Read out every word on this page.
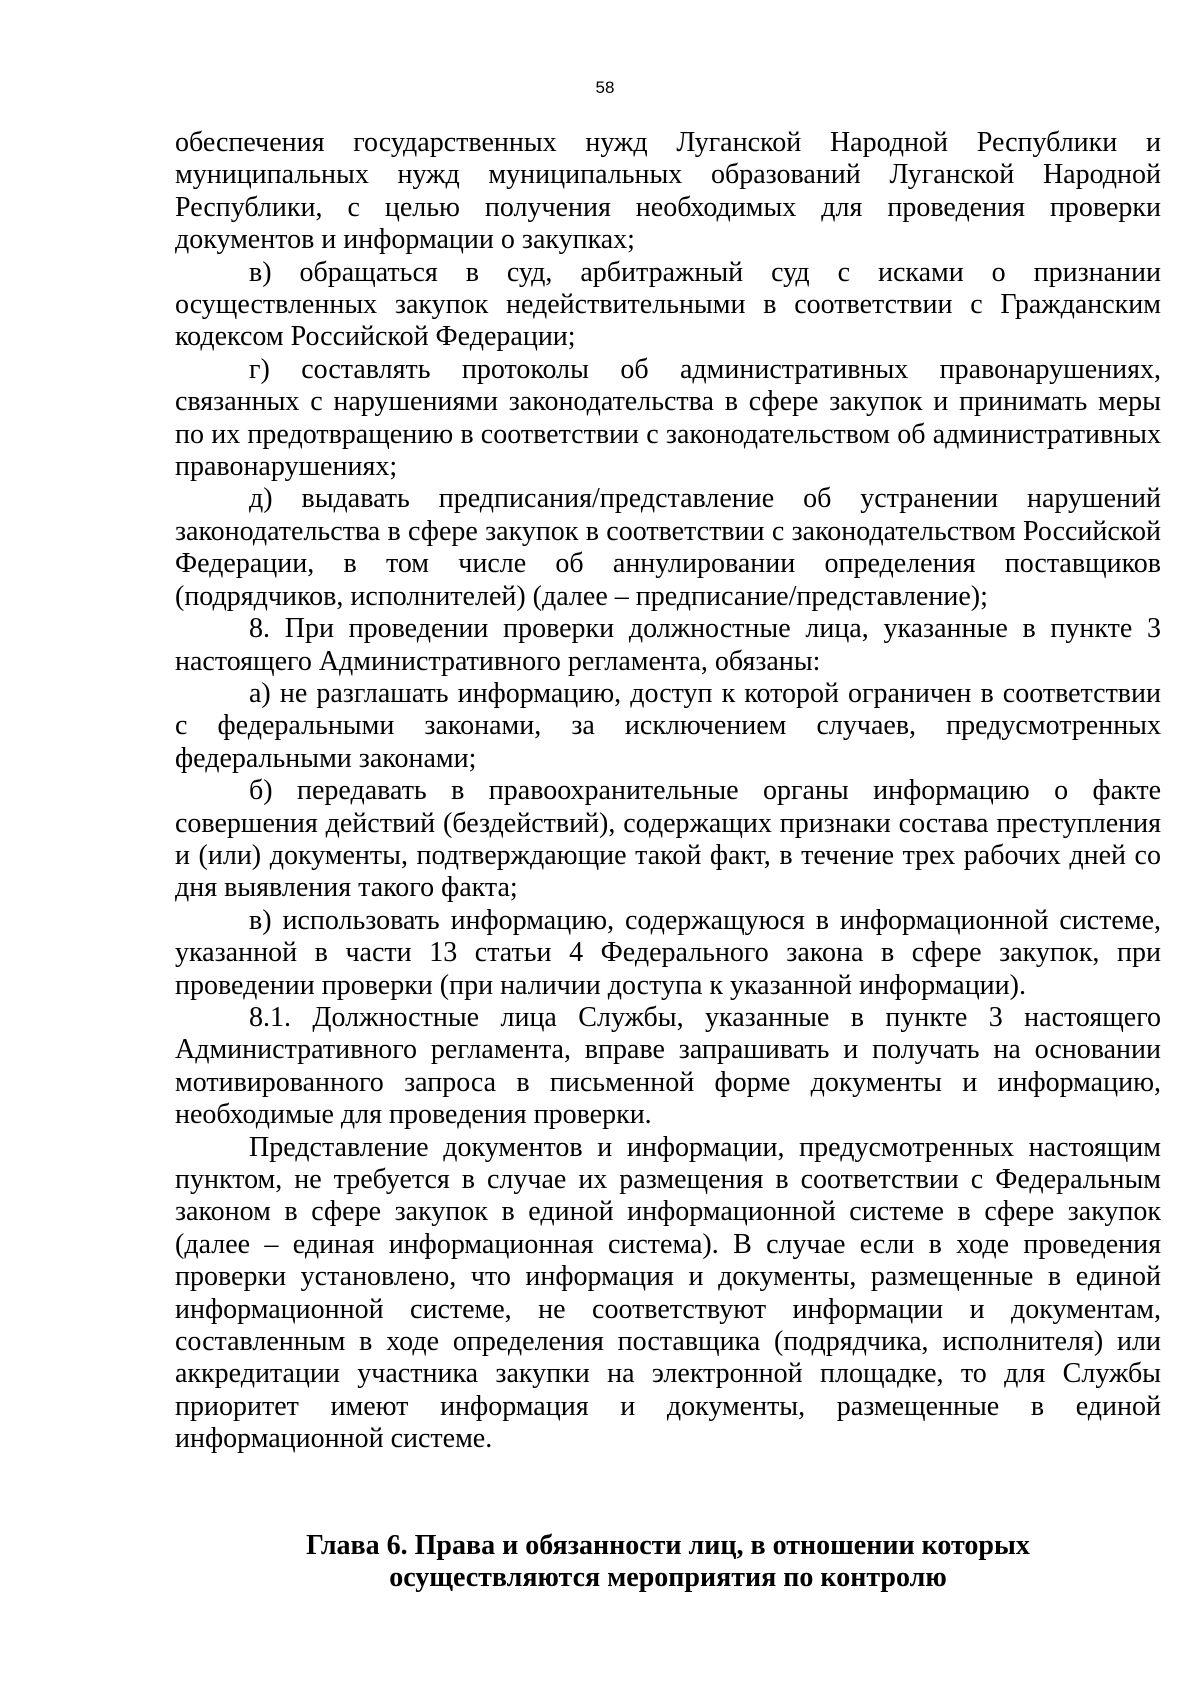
58

обеспечения государственных нужд Луганской Народной Республики и муниципальных нужд муниципальных образований Луганской Народной Республики, с целью получения необходимых для проведения проверки документов и информации о закупках;

в) обращаться в суд, арбитражный суд с исками о признании осуществленных закупок недействительными в соответствии с Гражданским кодексом Российской Федерации;

г) составлять протоколы об административных правонарушениях, связанных с нарушениями законодательства в сфере закупок и принимать меры по их предотвращению в соответствии с законодательством об административных правонарушениях;

д) выдавать предписания/представление об устранении нарушений законодательства в сфере закупок в соответствии с законодательством Российской Федерации, в том числе об аннулировании определения поставщиков (подрядчиков, исполнителей) (далее – предписание/представление);

8. При проведении проверки должностные лица, указанные в пункте 3 настоящего Административного регламента, обязаны:

а) не разглашать информацию, доступ к которой ограничен в соответствии с федеральными законами, за исключением случаев, предусмотренных федеральными законами;

б) передавать в правоохранительные органы информацию о факте совершения действий (бездействий), содержащих признаки состава преступления и (или) документы, подтверждающие такой факт, в течение трех рабочих дней со дня выявления такого факта;

в) использовать информацию, содержащуюся в информационной системе, указанной в части 13 статьи 4 Федерального закона в сфере закупок, при проведении проверки (при наличии доступа к указанной информации).

8.1. Должностные лица Службы, указанные в пункте 3 настоящего Административного регламента, вправе запрашивать и получать на основании мотивированного запроса в письменной форме документы и информацию, необходимые для проведения проверки.

Представление документов и информации, предусмотренных настоящим пунктом, не требуется в случае их размещения в соответствии с Федеральным законом в сфере закупок в единой информационной системе в сфере закупок (далее – единая информационная система). В случае если в ходе проведения проверки установлено, что информация и документы, размещенные в единой информационной системе, не соответствуют информации и документам, составленным в ходе определения поставщика (подрядчика, исполнителя) или аккредитации участника закупки на электронной площадке, то для Службы приоритет имеют информация и документы, размещенные в единой информационной системе.

Глава 6. Права и обязанности лиц, в отношении которых
осуществляются мероприятия по контролю
